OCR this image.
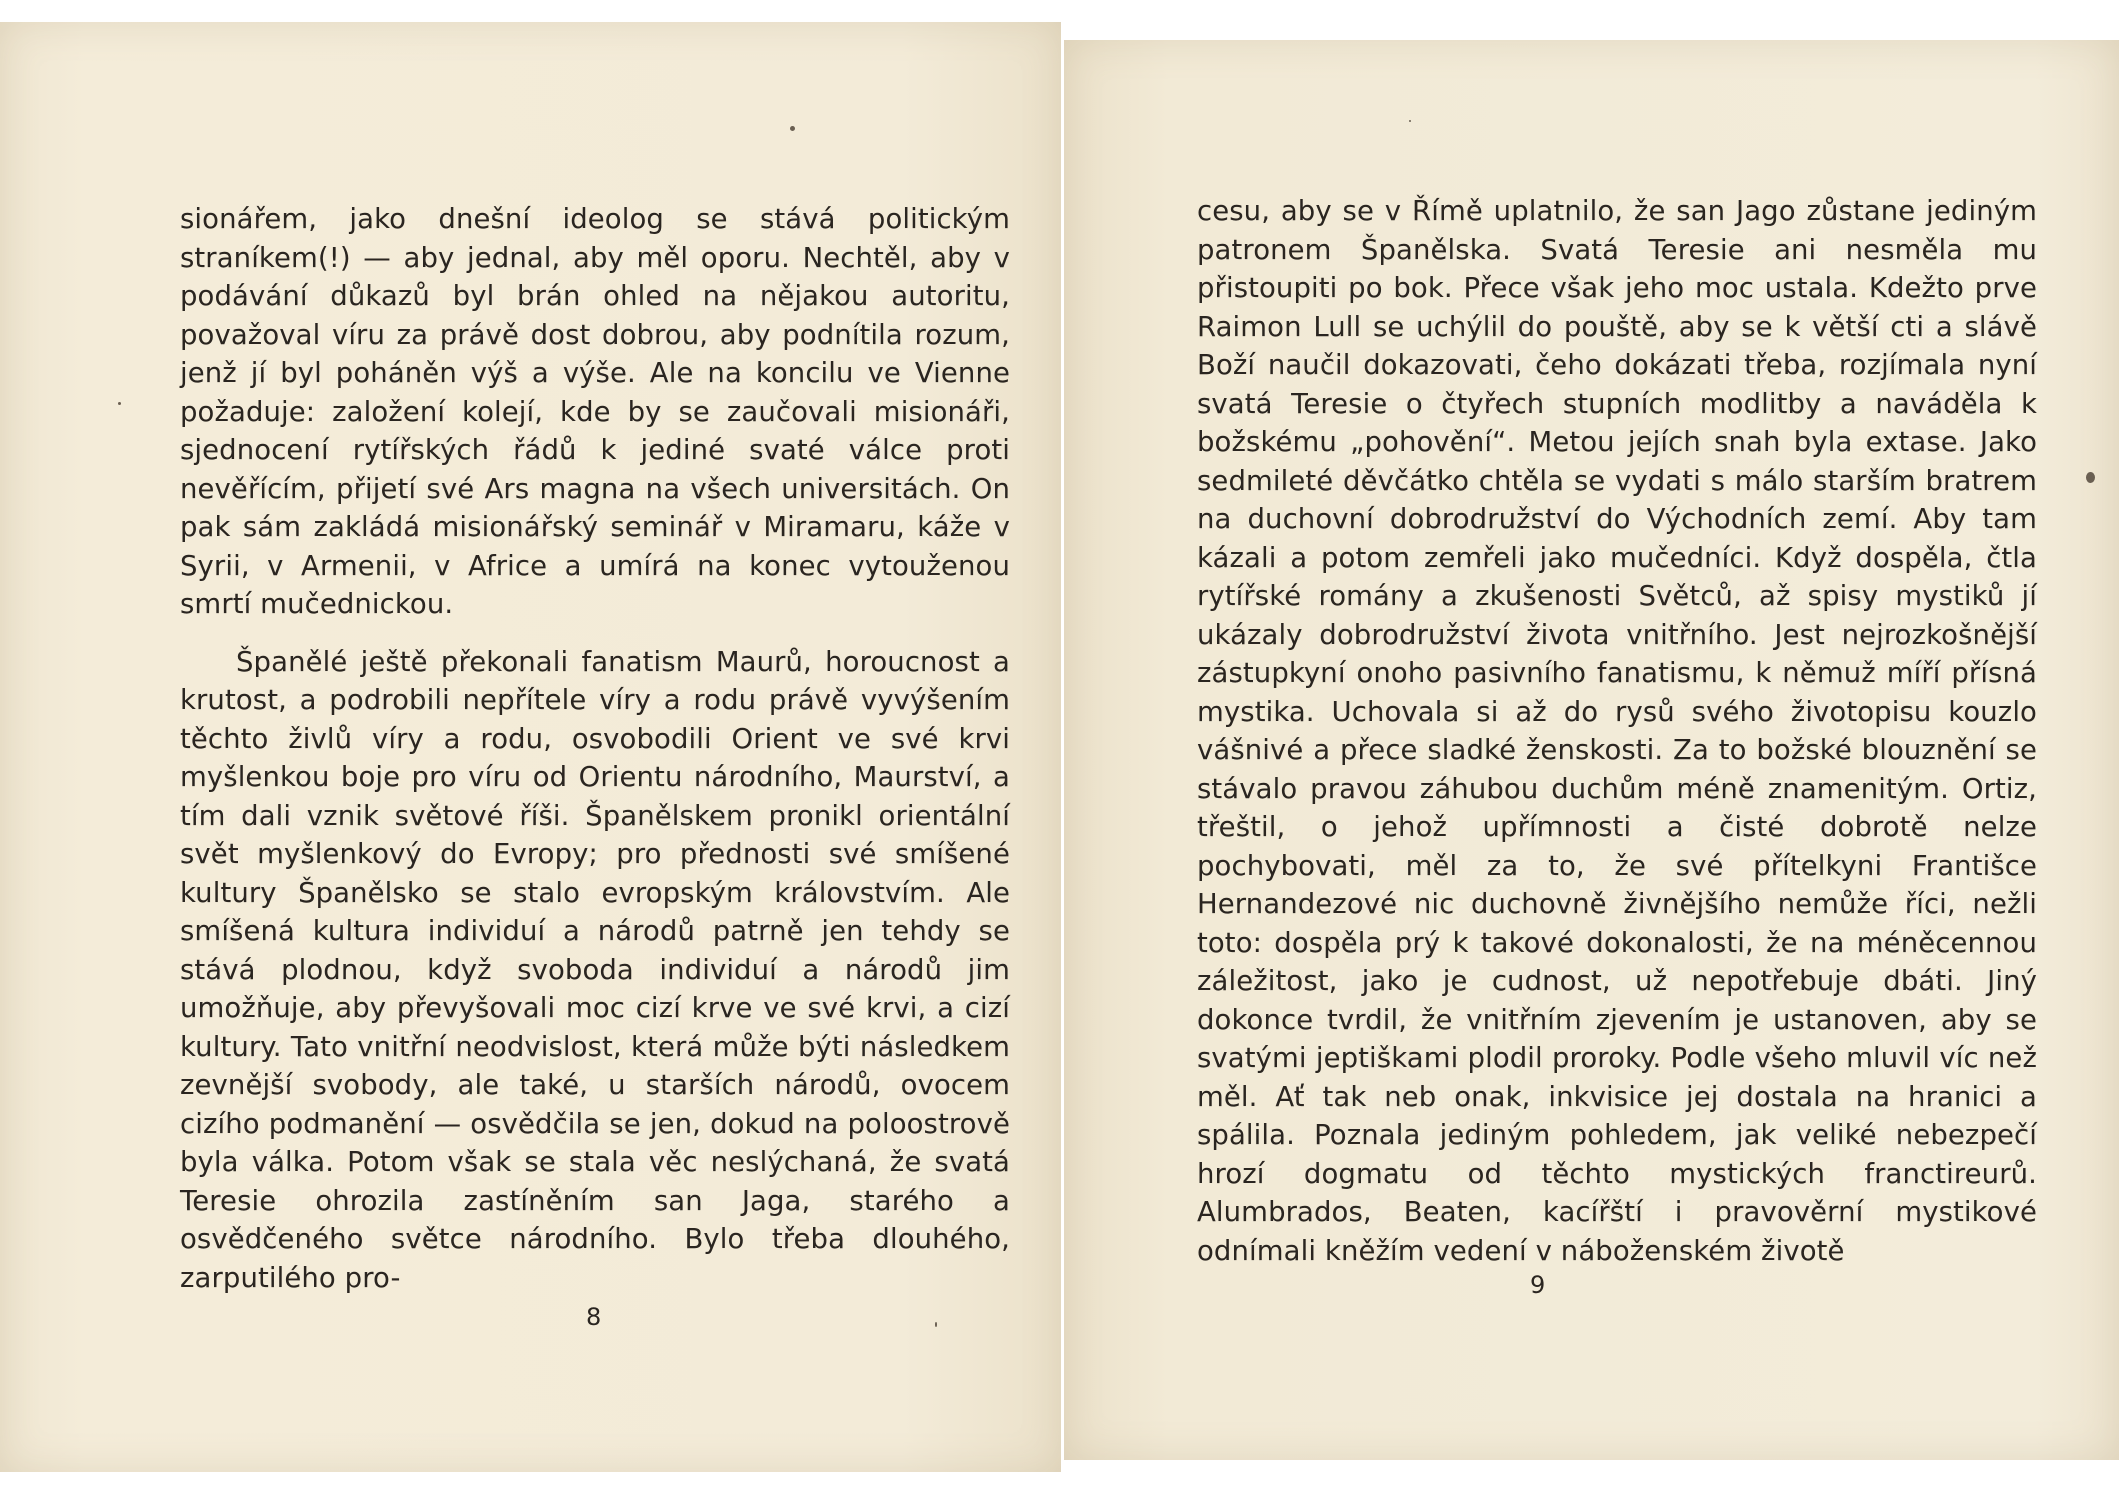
sionářem, jako dnešní ideolog se stává politickým straníkem(!) — aby jednal, aby měl oporu. Nechtěl, aby v podávání důkazů byl brán ohled na nějakou autoritu, považoval víru za právě dost dobrou, aby podnítila rozum, jenž jí byl poháněn výš a výše. Ale na koncilu ve Vienne požaduje: založení kolejí, kde by se zaučovali misionáři, sjednocení rytířských řádů k jediné svaté válce proti nevěřícím, přijetí své Ars magna na všech universitách. On pak sám zakládá misionářský seminář v Miramaru, káže v Syrii, v Armenii, v Africe a umírá na konec vytouženou smrtí mučednickou.

Španělé ještě překonali fanatism Maurů, horoucnost a krutost, a podrobili nepřítele víry a rodu právě vyvýšením těchto živlů víry a rodu, osvobodili Orient ve své krvi myšlenkou boje pro víru od Orientu národního, Maurství, a tím dali vznik světové říši. Španělskem pronikl orientální svět myšlenkový do Evropy; pro přednosti své smíšené kultury Španělsko se stalo evropským královstvím. Ale smíšená kultura individuí a národů patrně jen tehdy se stává plodnou, když svoboda individuí a národů jim umožňuje, aby převyšovali moc cizí krve ve své krvi, a cizí kultury. Tato vnitřní neodvislost, která může býti následkem zevnější svobody, ale také, u starších národů, ovocem cizího podmanění — osvědčila se jen, dokud na poloostrově byla válka. Potom však se stala věc neslýchaná, že svatá Teresie ohrozila zastíněním san Jaga, starého a osvědčeného světce národního. Bylo třeba dlouhého, zarputilého pro-

8

cesu, aby se v Římě uplatnilo, že san Jago zůstane jediným patronem Španělska. Svatá Teresie ani nesměla mu přistoupiti po bok. Přece však jeho moc ustala. Kdežto prve Raimon Lull se uchýlil do pouště, aby se k větší cti a slávě Boží naučil dokazovati, čeho dokázati třeba, rozjímala nyní svatá Teresie o čtyřech stupních modlitby a naváděla k božskému „pohovění“. Metou jejích snah byla extase. Jako sedmileté děvčátko chtěla se vydati s málo starším bratrem na duchovní dobrodružství do Východních zemí. Aby tam kázali a potom zemřeli jako mučedníci. Když dospěla, čtla rytířské romány a zkušenosti Světců, až spisy mystiků jí ukázaly dobrodružství života vnitřního. Jest nejrozkošnější zástupkyní onoho pasivního fanatismu, k němuž míří přísná mystika. Uchovala si až do rysů svého životopisu kouzlo vášnivé a přece sladké ženskosti. Za to božské blouznění se stávalo pravou záhubou duchům méně znamenitým. Ortiz, třeštil, o jehož upřímnosti a čisté dobrotě nelze pochybovati, měl za to, že své přítelkyni Františce Hernandezové nic duchovně živnějšího nemůže říci, nežli toto: dospěla prý k takové dokonalosti, že na méněcennou záležitost, jako je cudnost, už nepotřebuje dbáti. Jiný dokonce tvrdil, že vnitřním zjevením je ustanoven, aby se svatými jeptiškami plodil proroky. Podle všeho mluvil víc než měl. Ať tak neb onak, inkvisice jej dostala na hranici a spálila. Poznala jediným pohledem, jak veliké nebezpečí hrozí dogmatu od těchto mystických franctireurů. Alumbrados, Beaten, kacířští i pravověrní mystikové odnímali kněžím vedení v náboženském životě

9
